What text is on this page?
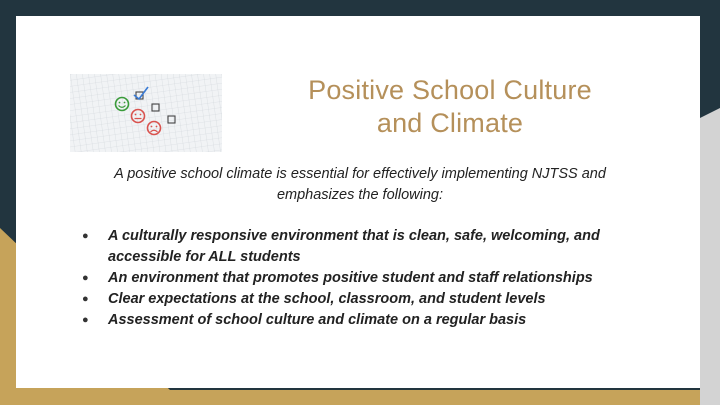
Positive School Culture
and Climate
A positive school climate is essential for effectively implementing NJTSS and emphasizes the following:
● A culturally responsive environment that is clean, safe, welcoming, and accessible for ALL students
● An environment that promotes positive student and staff relationships
● Clear expectations at the school, classroom, and student levels
● Assessment of school culture and climate on a regular basis
